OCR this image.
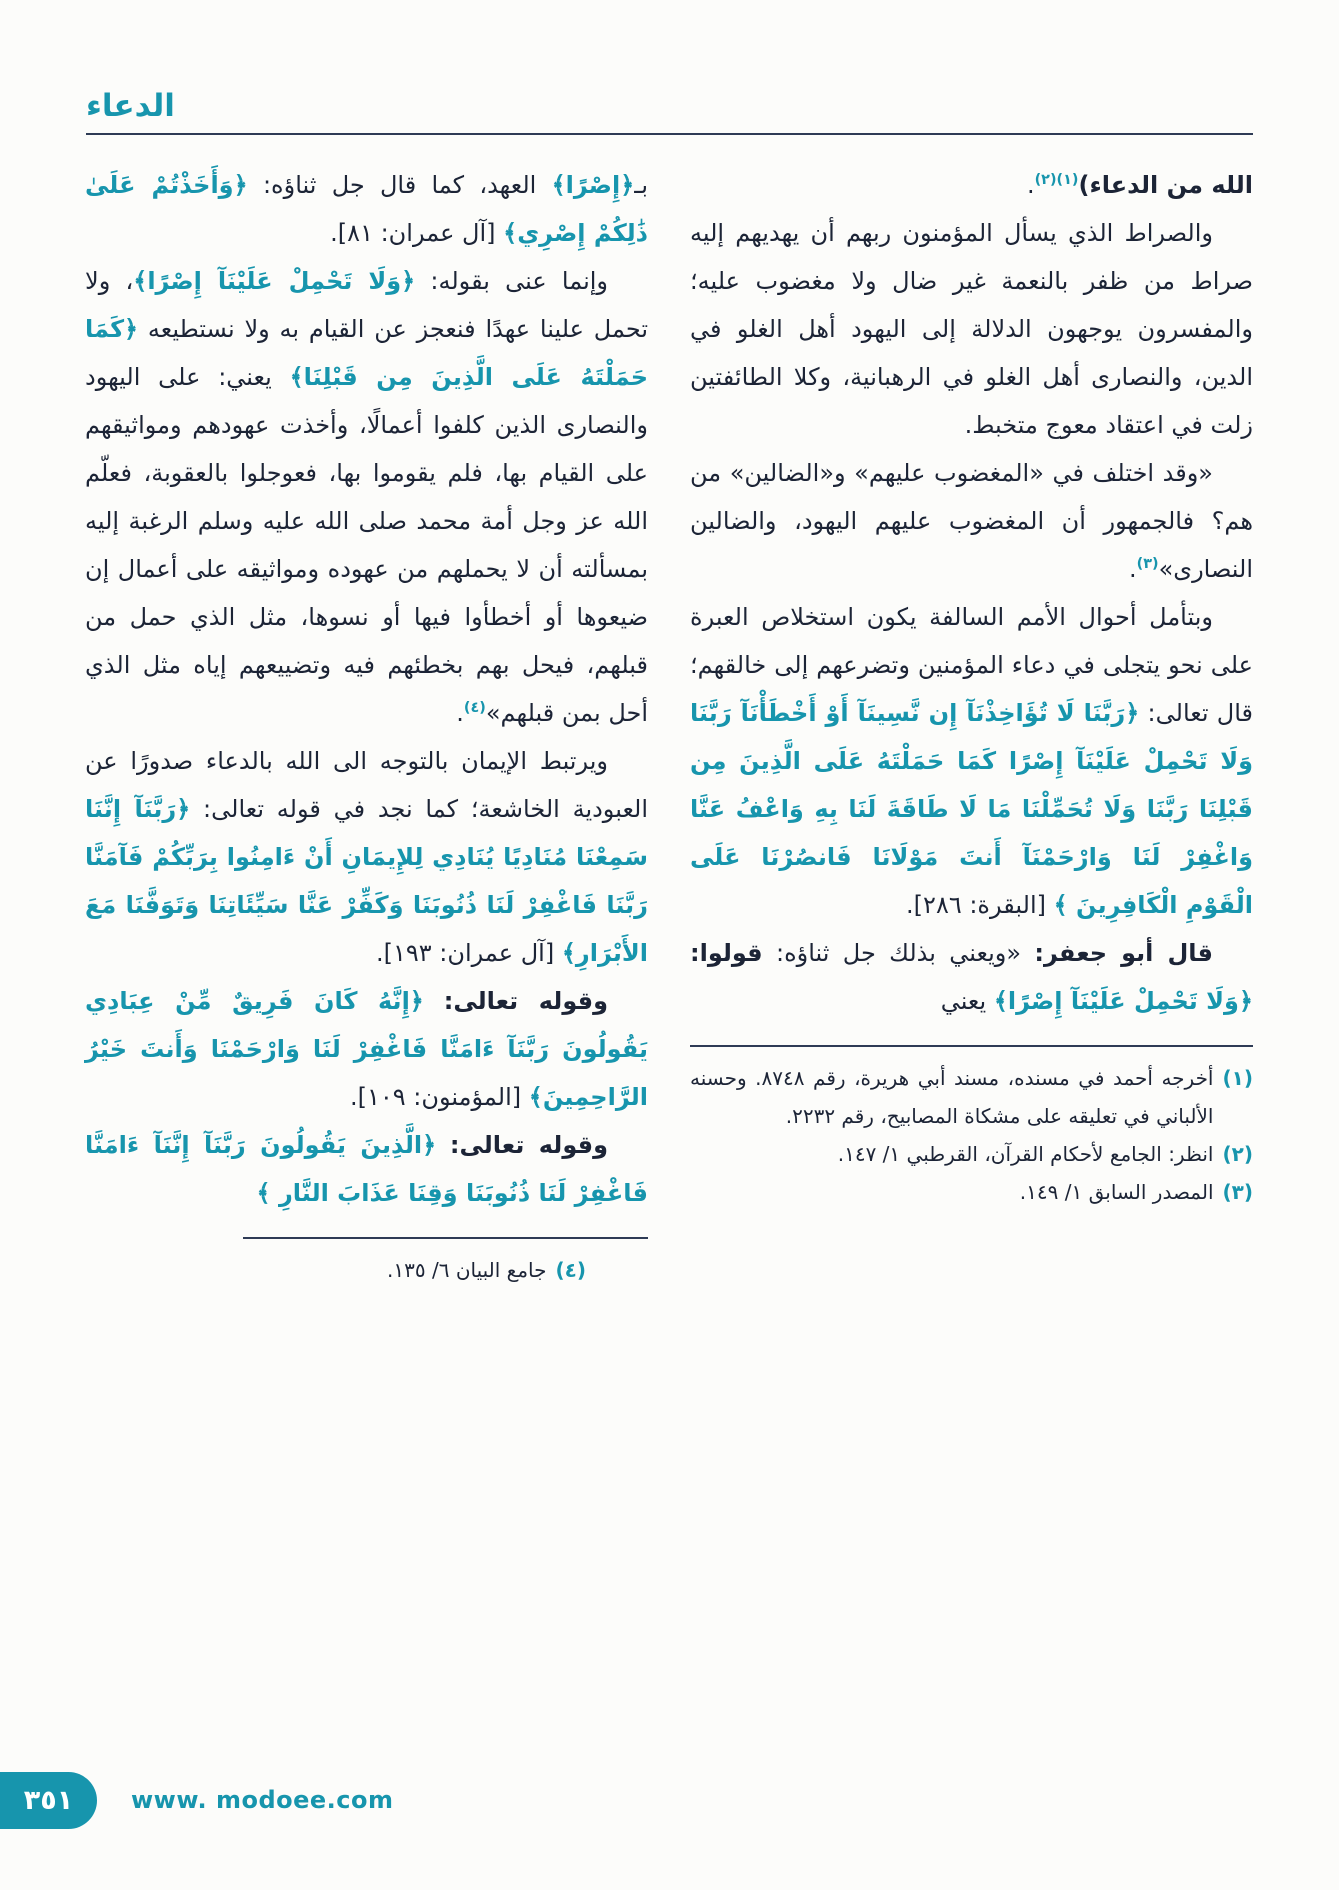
الدعاء

الله من الدعاء)$^{(١)(٢)}$.

والصراط الذي يسأل المؤمنون ربهم أن يهديهم إليه صراط من ظفر بالنعمة غير ضال ولا مغضوب عليه؛ والمفسرون يوجهون الدلالة إلى اليهود أهل الغلو في الدين، والنصارى أهل الغلو في الرهبانية، وكلا الطائفتين زلت في اعتقاد معوج متخبط.

«وقد اختلف في «المغضوب عليهم» و«الضالين» من هم؟ فالجمهور أن المغضوب عليهم اليهود، والضالين النصارى»$^{(٣)}$.

وبتأمل أحوال الأمم السالفة يكون استخلاص العبرة على نحو يتجلى في دعاء المؤمنين وتضرعهم إلى خالقهم؛ قال تعالى: ﴿رَبَّنَا لَا تُؤَاخِذْنَآ إِن نَّسِينَآ أَوْ أَخْطَأْنَآ رَبَّنَا وَلَا تَحْمِلْ عَلَيْنَآ إِصْرًا كَمَا حَمَلْتَهُ عَلَى الَّذِينَ مِن قَبْلِنَا رَبَّنَا وَلَا تُحَمِّلْنَا مَا لَا طَاقَةَ لَنَا بِهِ وَاعْفُ عَنَّا وَاغْفِرْ لَنَا وَارْحَمْنَآ أَنتَ مَوْلَانَا فَانصُرْنَا عَلَى الْقَوْمِ الْكَافِرِينَ ﴾ [البقرة: ٢٨٦].

قال أبو جعفر: «ويعني بذلك جل ثناؤه: قولوا: ﴿وَلَا تَحْمِلْ عَلَيْنَآ إِصْرًا﴾ يعني

(١)
أخرجه أحمد في مسنده، مسند أبي هريرة، رقم ٨٧٤٨. وحسنه الألباني في تعليقه على مشكاة المصابيح، رقم ٢٢٣٢.
(٢)
انظر: الجامع لأحكام القرآن، القرطبي ١/ ١٤٧.
(٣)
المصدر السابق ١/ ١٤٩.

بـ﴿إِصْرًا﴾ العهد، كما قال جل ثناؤه: ﴿وَأَخَذْتُمْ عَلَىٰ ذَٰلِكُمْ إِصْرِي﴾ [آل عمران: ٨١].

وإنما عنى بقوله: ﴿وَلَا تَحْمِلْ عَلَيْنَآ إِصْرًا﴾، ولا تحمل علينا عهدًا فنعجز عن القيام به ولا نستطيعه ﴿كَمَا حَمَلْتَهُ عَلَى الَّذِينَ مِن قَبْلِنَا﴾ يعني: على اليهود والنصارى الذين كلفوا أعمالًا، وأخذت عهودهم ومواثيقهم على القيام بها، فلم يقوموا بها، فعوجلوا بالعقوبة، فعلّم الله عز وجل أمة محمد صلى الله عليه وسلم الرغبة إليه بمسألته أن لا يحملهم من عهوده ومواثيقه على أعمال إن ضيعوها أو أخطأوا فيها أو نسوها، مثل الذي حمل من قبلهم، فيحل بهم بخطئهم فيه وتضييعهم إياه مثل الذي أحل بمن قبلهم»$^{(٤)}$.

ويرتبط الإيمان بالتوجه الى الله بالدعاء صدورًا عن العبودية الخاشعة؛ كما نجد في قوله تعالى: ﴿رَبَّنَآ إِنَّنَا سَمِعْنَا مُنَادِيًا يُنَادِي لِلإِيمَانِ أَنْ ءَامِنُوا بِرَبِّكُمْ فَآمَنَّا رَبَّنَا فَاغْفِرْ لَنَا ذُنُوبَنَا وَكَفِّرْ عَنَّا سَيِّئَاتِنَا وَتَوَفَّنَا مَعَ الأَبْرَارِ﴾ [آل عمران: ١٩٣].

وقوله تعالى: ﴿إِنَّهُ كَانَ فَرِيقٌ مِّنْ عِبَادِي يَقُولُونَ رَبَّنَآ ءَامَنَّا فَاغْفِرْ لَنَا وَارْحَمْنَا وَأَنتَ خَيْرُ الرَّاحِمِينَ﴾ [المؤمنون: ١٠٩].

وقوله تعالى: ﴿الَّذِينَ يَقُولُونَ رَبَّنَآ إِنَّنَآ ءَامَنَّا فَاغْفِرْ لَنَا ذُنُوبَنَا وَقِنَا عَذَابَ النَّارِ ﴾

(٤)
جامع البيان ٦/ ١٣٥.
٣٥١ www. modoee.com
